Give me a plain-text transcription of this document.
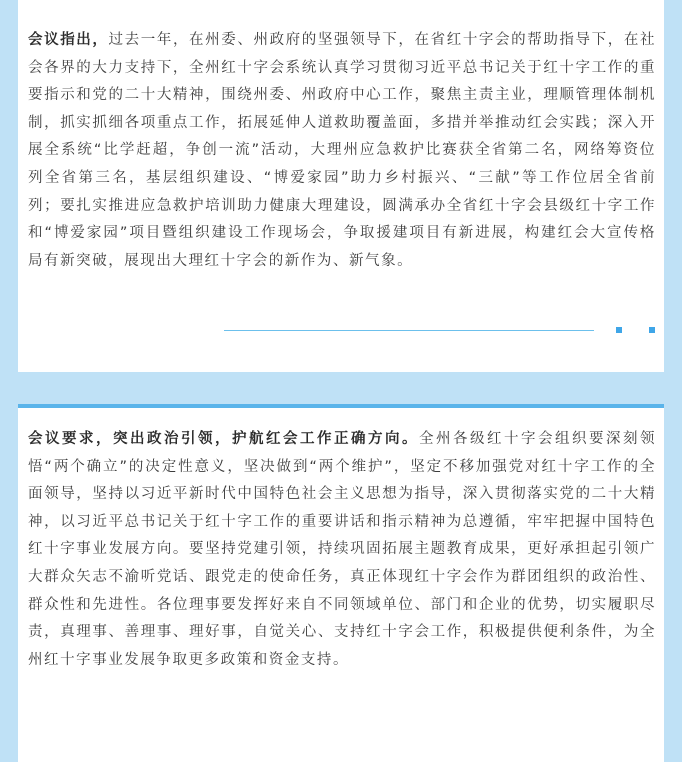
会议指出，过去一年，在州委、州政府的坚强领导下，在省红十字会的帮助指导下，在社会各界的大力支持下，全州红十字会系统认真学习贯彻习近平总书记关于红十字工作的重要指示和党的二十大精神，围绕州委、州政府中心工作，聚焦主责主业，理顺管理体制机制，抓实抓细各项重点工作，拓展延伸人道救助覆盖面，多措并举推动红会实践；深入开展全系统“比学赶超，争创一流”活动，大理州应急救护比赛获全省第二名，网络筹资位列全省第三名，基层组织建设、“博爱家园”助力乡村振兴、“三献”等工作位居全省前列；要扎实推进应急救护培训助力健康大理建设，圆满承办全省红十字会县级红十字工作和“博爱家园”项目暨组织建设工作现场会，争取援建项目有新进展，构建红会大宣传格局有新突破，展现出大理红十字会的新作为、新气象。

会议要求，突出政治引领，护航红会工作正确方向。全州各级红十字会组织要深刻领悟“两个确立”的决定性意义，坚决做到“两个维护”，坚定不移加强党对红十字工作的全面领导，坚持以习近平新时代中国特色社会主义思想为指导，深入贯彻落实党的二十大精神，以习近平总书记关于红十字工作的重要讲话和指示精神为总遵循，牢牢把握中国特色红十字事业发展方向。要坚持党建引领，持续巩固拓展主题教育成果，更好承担起引领广大群众矢志不渝听党话、跟党走的使命任务，真正体现红十字会作为群团组织的政治性、群众性和先进性。各位理事要发挥好来自不同领域单位、部门和企业的优势，切实履职尽责，真理事、善理事、理好事，自觉关心、支持红十字会工作，积极提供便利条件，为全州红十字事业发展争取更多政策和资金支持。
